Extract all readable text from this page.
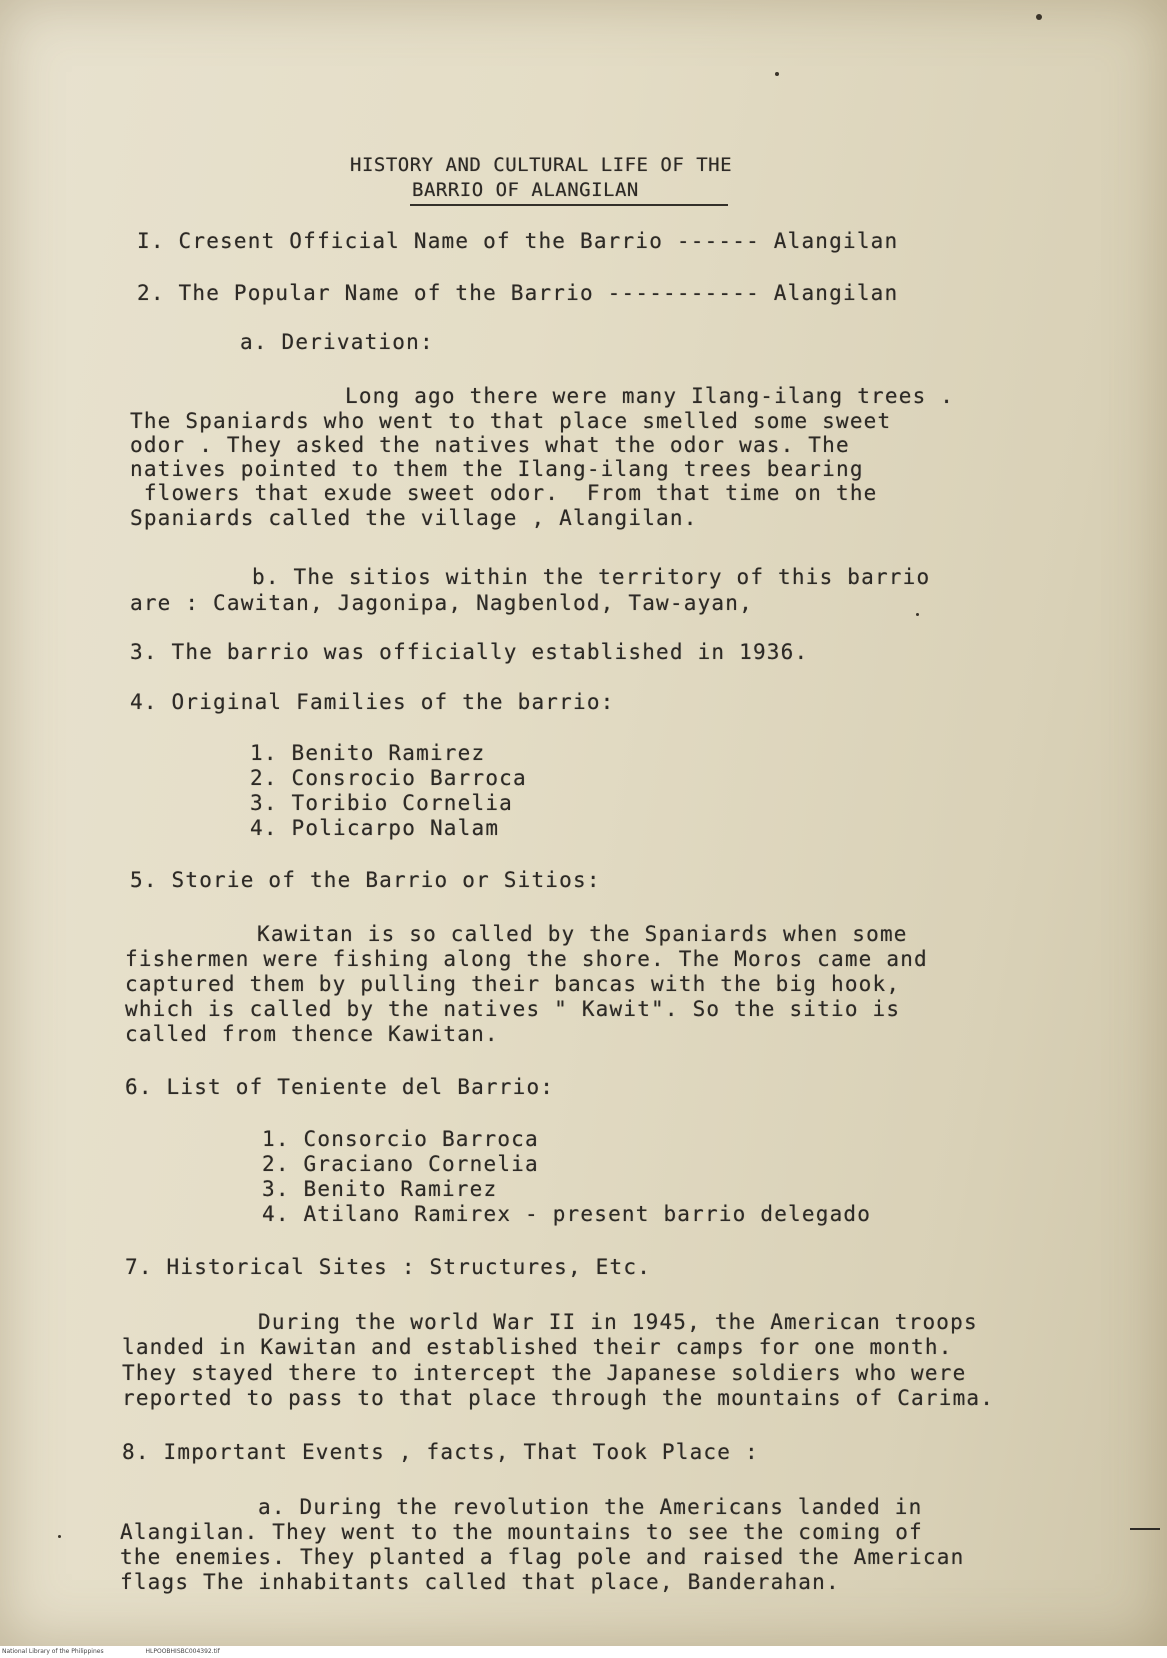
HISTORY AND CULTURAL LIFE OF THE
BARRIO OF ALANGILAN
I. Cresent Official Name of the Barrio ------ Alangilan
2. The Popular Name of the Barrio ----------- Alangilan
a. Derivation:
Long ago there were many Ilang-ilang trees .
The Spaniards who went to that place smelled some sweet
odor . They asked the natives what the odor was. The
natives pointed to them the Ilang-ilang trees bearing
flowers that exude sweet odor.  From that time on the
Spaniards called the village , Alangilan.
b. The sitios within the territory of this barrio
are : Cawitan, Jagonipa, Nagbenlod, Taw-ayan,
3. The barrio was officially established in 1936.
4. Original Families of the barrio:
1. Benito Ramirez
2. Consrocio Barroca
3. Toribio Cornelia
4. Policarpo Nalam
5. Storie of the Barrio or Sitios:
Kawitan is so called by the Spaniards when some
fishermen were fishing along the shore. The Moros came and
captured them by pulling their bancas with the big hook,
which is called by the natives " Kawit". So the sitio is
called from thence Kawitan.
6. List of Teniente del Barrio:
1. Consorcio Barroca
2. Graciano Cornelia
3. Benito Ramirez
4. Atilano Ramirex - present barrio delegado
7. Historical Sites : Structures, Etc.
During the world War II in 1945, the American troops
landed in Kawitan and established their camps for one month.
They stayed there to intercept the Japanese soldiers who were
reported to pass to that place through the mountains of Carima.
8. Important Events , facts, That Took Place :
a. During the revolution the Americans landed in
Alangilan. They went to the mountains to see the coming of
the enemies. They planted a flag pole and raised the American
flags The inhabitants called that place, Banderahan.
National Library of the Philippines	HLPOOBHISBC004392.tif
